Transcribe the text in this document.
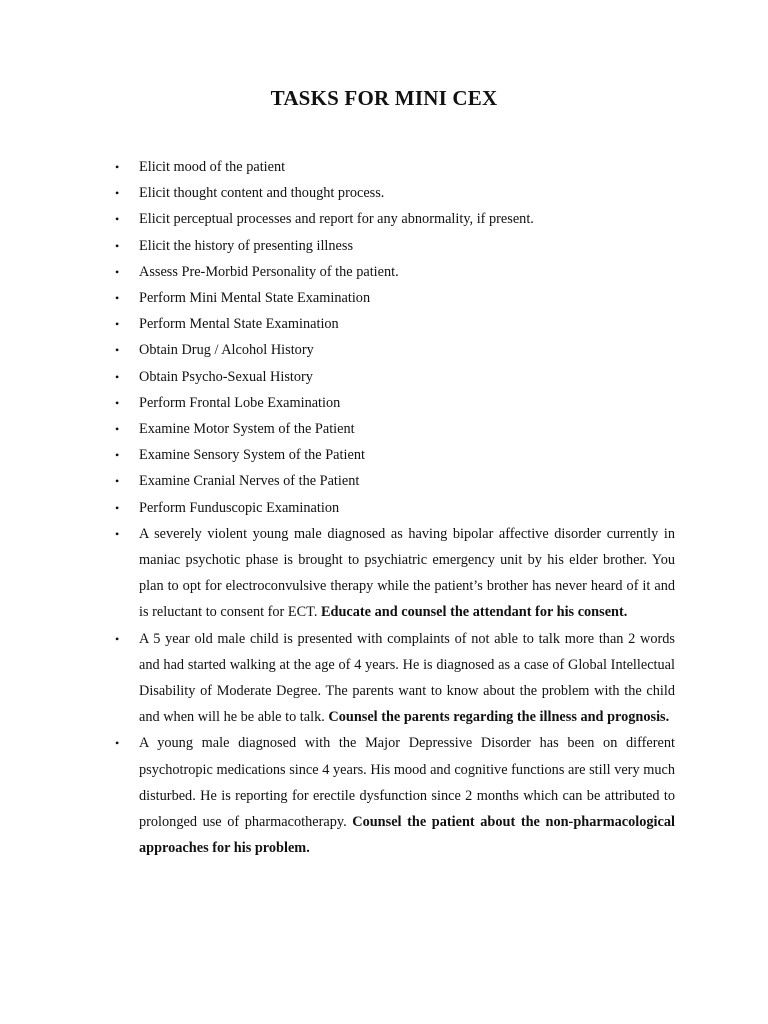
TASKS FOR MINI CEX
• Elicit mood of the patient
• Elicit thought content and thought process.
• Elicit perceptual processes and report for any abnormality, if present.
• Elicit the history of presenting illness
• Assess Pre-Morbid Personality of the patient.
• Perform Mini Mental State Examination
• Perform Mental State Examination
• Obtain Drug / Alcohol History
• Obtain Psycho-Sexual History
• Perform Frontal Lobe Examination
• Examine Motor System of the Patient
• Examine Sensory System of the Patient
• Examine Cranial Nerves of the Patient
• Perform Funduscopic Examination
• A severely violent young male diagnosed as having bipolar affective disorder currently in maniac psychotic phase is brought to psychiatric emergency unit by his elder brother. You plan to opt for electroconvulsive therapy while the patient’s brother has never heard of it and is reluctant to consent for ECT. Educate and counsel the attendant for his consent.
• A 5 year old male child is presented with complaints of not able to talk more than 2 words and had started walking at the age of 4 years. He is diagnosed as a case of Global Intellectual Disability of Moderate Degree. The parents want to know about the problem with the child and when will he be able to talk. Counsel the parents regarding the illness and prognosis.
• A young male diagnosed with the Major Depressive Disorder has been on different psychotropic medications since 4 years. His mood and cognitive functions are still very much disturbed. He is reporting for erectile dysfunction since 2 months which can be attributed to prolonged use of pharmacotherapy. Counsel the patient about the non-pharmacological approaches for his problem.
